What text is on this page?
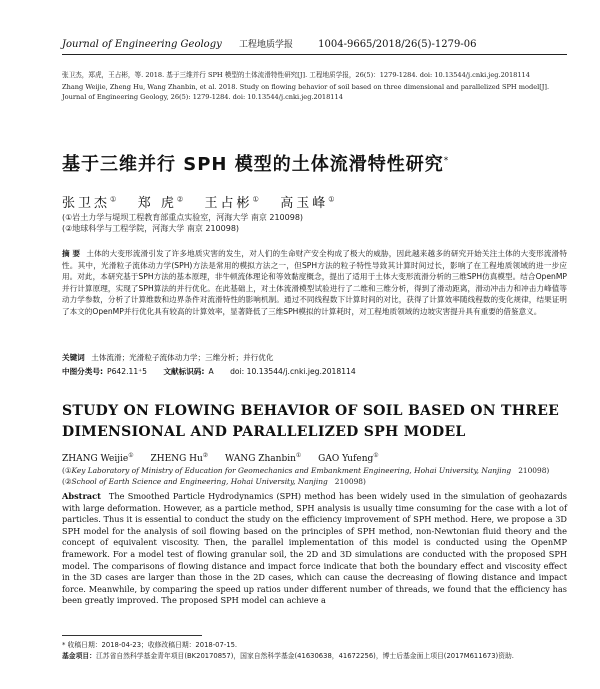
Journal of Engineering Geology 工程地质学报	1004-9665/2018/26(5)-1279-06

张卫杰，郑虎，王占彬，等. 2018. 基于三维并行 SPH 模型的土体流滑特性研究[J]. 工程地质学报，26(5)：1279-1284. doi: 10.13544/j.cnki.jeg.2018114

Zhang Weijie, Zheng Hu, Wang Zhanbin, et al. 2018. Study on flowing behavior of soil based on three dimensional and parallelized SPH model[J]. Journal of Engineering Geology, 26(5): 1279-1284. doi: 10.13544/j.cnki.jeg.2018114

基于三维并行 SPH 模型的土体流滑特性研究*
张卫杰① 郑 虎② 王占彬① 高玉峰①

(①岩土力学与堤坝工程教育部重点实验室，河海大学 南京 210098)

(②地球科学与工程学院，河海大学 南京 210098)

摘 要 土体的大变形流滑引发了许多地质灾害的发生，对人们的生命财产安全构成了极大的威胁，因此越来越多的研究开始关注土体的大变形流滑特性。其中，光滑粒子流体动力学(SPH)方法是常用的模拟方法之一，但SPH方法的粒子特性导致其计算时间过长，影响了在工程地质领域的进一步应用。对此，本研究基于SPH方法的基本原理，非牛顿流体理论和等效黏度概念，提出了适用于土体大变形流滑分析的三维SPH仿真模型。结合OpenMP并行计算原理，实现了SPH算法的并行优化。在此基础上，对土体流滑模型试验进行了二维和三维分析，得到了滑动距离，滑动冲击力和冲击力峰值等动力学参数，分析了计算维数和边界条件对流滑特性的影响机制。通过不同线程数下计算时间的对比，获得了计算效率随线程数的变化规律，结果证明了本文的OpenMP并行优化具有较高的计算效率，显著降低了三维SPH模拟的计算耗时，对工程地质领域的边坡灾害提升具有重要的借鉴意义。

关键词 土体流滑；光滑粒子流体动力学；三维分析；并行优化
中图分类号: P642.11⁺5 文献标识码: A doi: 10.13544/j.cnki.jeg.2018114
STUDY ON FLOWING BEHAVIOR OF SOIL BASED ON THREE DIMENSIONAL AND PARALLELIZED SPH MODEL
ZHANG Weijie① ZHENG Hu② WANG Zhanbin① GAO Yufeng①

(①Key Laboratory of Ministry of Education for Geomechanics and Embankment Engineering, Hohai University, Nanjing 210098)

(②School of Earth Science and Engineering, Hohai University, Nanjing 210098)

Abstract The Smoothed Particle Hydrodynamics (SPH) method has been widely used in the simulation of geohazards with large deformation. However, as a particle method, SPH analysis is usually time consuming for the case with a lot of particles. Thus it is essential to conduct the study on the efficiency improvement of SPH method. Here, we propose a 3D SPH model for the analysis of soil flowing based on the principles of SPH method, non-Newtonian fluid theory and the concept of equivalent viscosity. Then, the parallel implementation of this model is conducted using the OpenMP framework. For a model test of flowing granular soil, the 2D and 3D simulations are conducted with the proposed SPH model. The comparisons of flowing distance and impact force indicate that both the boundary effect and viscosity effect in the 3D cases are larger than those in the 2D cases, which can cause the decreasing of flowing distance and impact force. Meanwhile, by comparing the speed up ratios under different number of threads, we found that the efficiency has been greatly improved. The proposed SPH model can achieve a

* 收稿日期：2018-04-23；收修改稿日期：2018-07-15.
基金项目：江苏省自然科学基金青年项目(BK20170857)，国家自然科学基金(41630638，41672256)，博士后基金面上项目(2017M611673)资助.
